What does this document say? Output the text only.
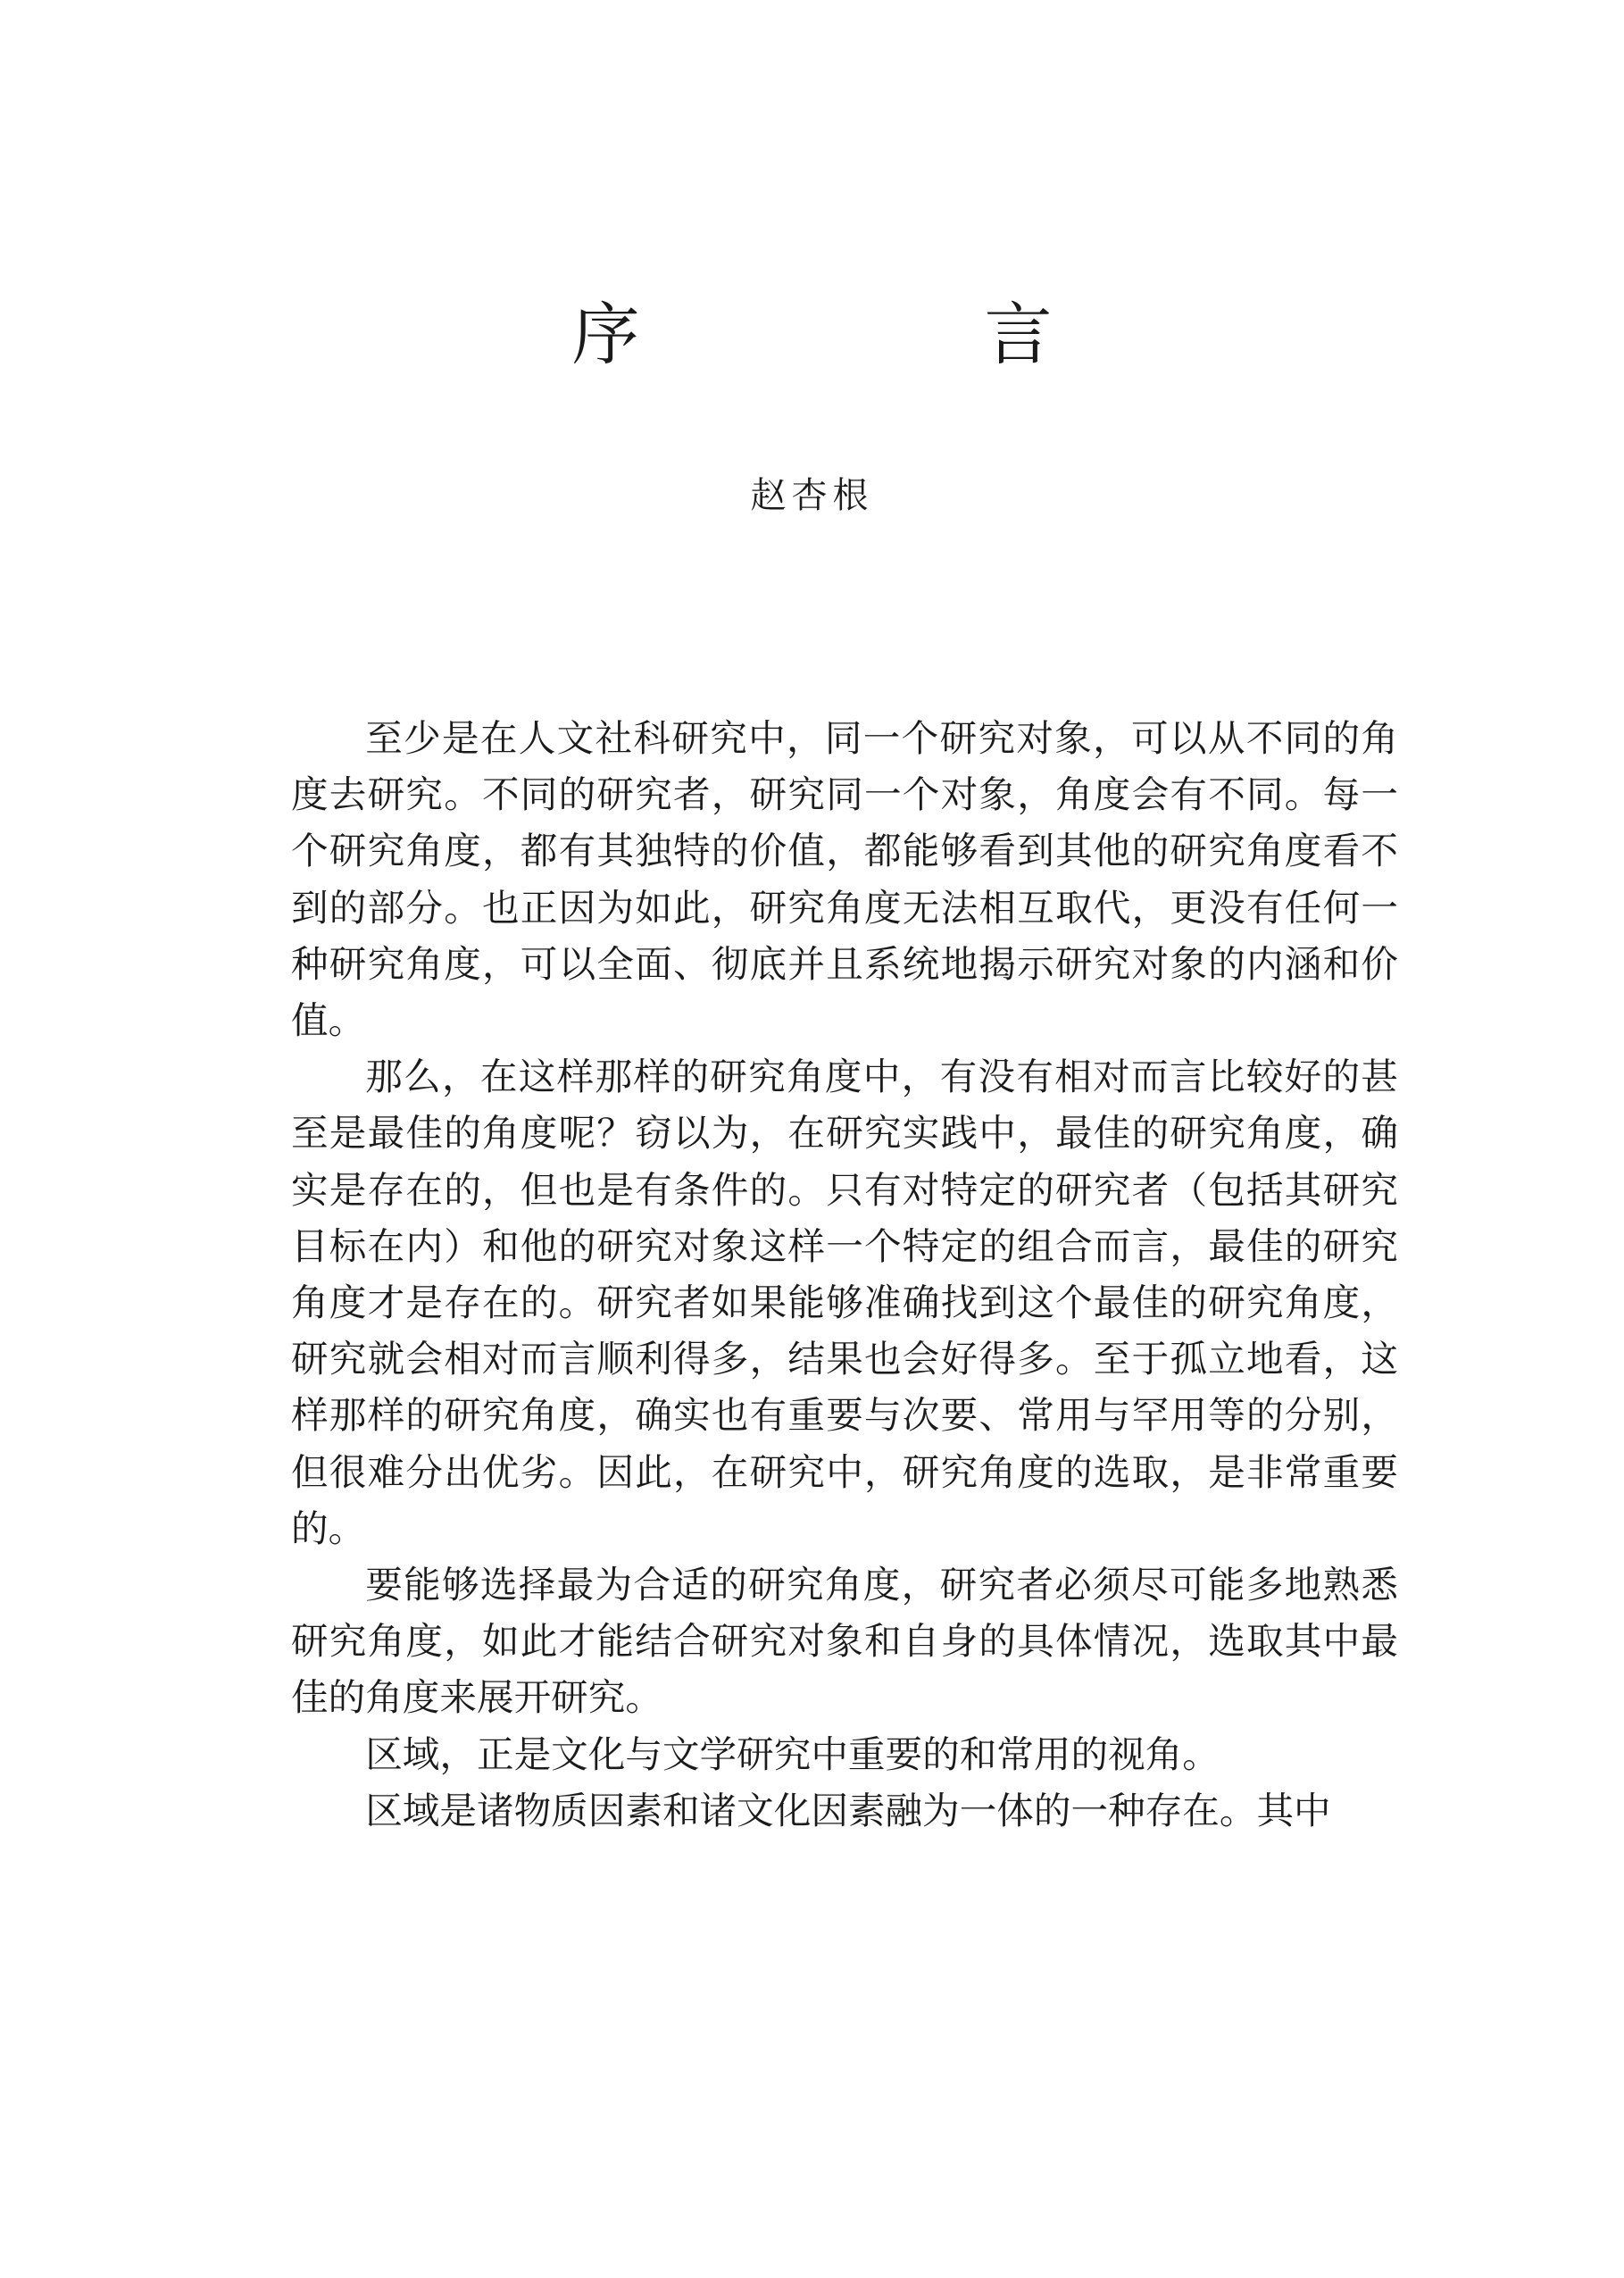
序　言

赵杏根

至少是在人文社科研究中，同一个研究对象，可以从不同的角度去研究。不同的研究者，研究同一个对象，角度会有不同。每一个研究角度，都有其独特的价值，都能够看到其他的研究角度看不到的部分。也正因为如此，研究角度无法相互取代，更没有任何一种研究角度，可以全面、彻底并且系统地揭示研究对象的内涵和价值。

那么，在这样那样的研究角度中，有没有相对而言比较好的甚至是最佳的角度呢？窃以为，在研究实践中，最佳的研究角度，确实是存在的，但也是有条件的。只有对特定的研究者（包括其研究目标在内）和他的研究对象这样一个特定的组合而言，最佳的研究角度才是存在的。研究者如果能够准确找到这个最佳的研究角度，研究就会相对而言顺利得多，结果也会好得多。至于孤立地看，这样那样的研究角度，确实也有重要与次要、常用与罕用等的分别，但很难分出优劣。因此，在研究中，研究角度的选取，是非常重要的。

要能够选择最为合适的研究角度，研究者必须尽可能多地熟悉研究角度，如此才能结合研究对象和自身的具体情况，选取其中最佳的角度来展开研究。

区域，正是文化与文学研究中重要的和常用的视角。

区域是诸物质因素和诸文化因素融为一体的一种存在。其中
